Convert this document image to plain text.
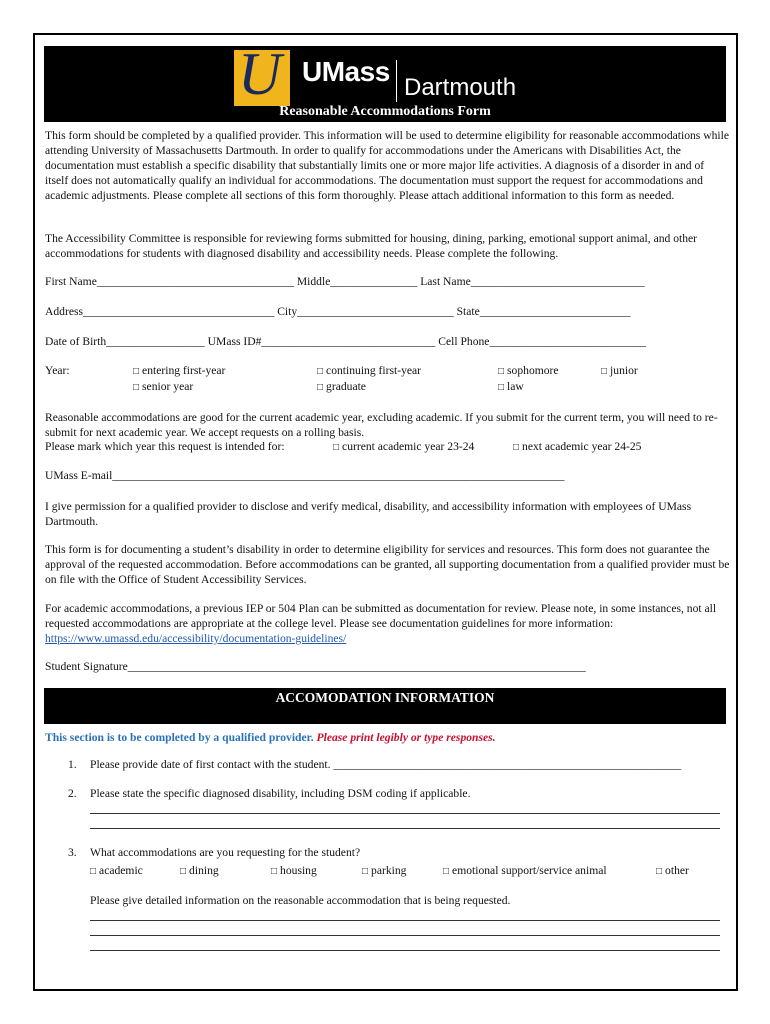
U UMass
Dartmouth
Reasonable Accommodations Form
This form should be completed by a qualified provider. This information will be used to determine eligibility for reasonable accommodations while attending University of Massachusetts Dartmouth. In order to qualify for accommodations under the Americans with Disabilities Act, the documentation must establish a specific disability that substantially limits one or more major life activities. A diagnosis of a disorder in and of itself does not automatically qualify an individual for accommodations. The documentation must support the request for accommodations and academic adjustments. Please complete all sections of this form thoroughly. Please attach additional information to this form as needed.
The Accessibility Committee is responsible for reviewing forms submitted for housing, dining, parking, emotional support animal, and other accommodations for students with diagnosed disability and accessibility needs. Please complete the following.
First Name__________________________________ Middle_______________ Last Name______________________________
Address_________________________________ City___________________________ State__________________________
Date of Birth_________________ UMass ID#______________________________ Cell Phone___________________________
Year:	□ entering first-year	□ continuing first-year	□ sophomore	□ junior
□ senior year	□ graduate	□ law
Reasonable accommodations are good for the current academic year, excluding academic. If you submit for the current term, you will need to re-submit for next academic year. We accept requests on a rolling basis.
Please mark which year this request is intended for:	□ current academic year 23-24	□ next academic year 24-25
UMass E-mail______________________________________________________________________________
I give permission for a qualified provider to disclose and verify medical, disability, and accessibility information with employees of UMass Dartmouth.
This form is for documenting a student’s disability in order to determine eligibility for services and resources. This form does not guarantee the approval of the requested accommodation. Before accommodations can be granted, all supporting documentation from a qualified provider must be on file with the Office of Student Accessibility Services.
For academic accommodations, a previous IEP or 504 Plan can be submitted as documentation for review. Please note, in some instances, not all requested accommodations are appropriate at the college level. Please see documentation guidelines for more information: https://www.umassd.edu/accessibility/documentation-guidelines/
Student Signature_______________________________________________________________________________
ACCOMODATION INFORMATION
This section is to be completed by a qualified provider. Please print legibly or type responses.
1. Please provide date of first contact with the student. ____________________________________________________________
2. Please state the specific diagnosed disability, including DSM coding if applicable.
3. What accommodations are you requesting for the student?
□ academic	□ dining	□ housing	□ parking	□ emotional support/service animal	□ other
Please give detailed information on the reasonable accommodation that is being requested.
